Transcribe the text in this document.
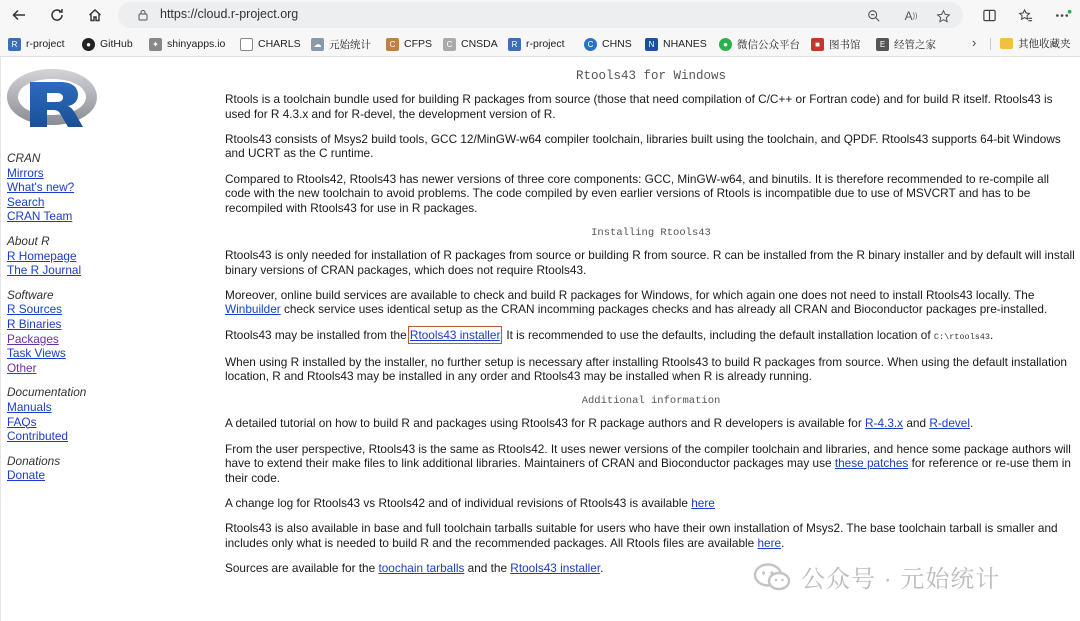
https://cloud.r-project.org	A ))
R r-project	● GitHub	✦ shinyapps.io	CHARLS	☁ 元始统计	C CFPS	C CNSDA	R r-project	C CHNS	N NHANES	● 微信公众平台	■ 图书馆	E 经管之家	›	其他收藏夹
CRAN
Mirrors
What's new?
Search
CRAN Team
About R
R Homepage
The R Journal
Software
R Sources
R Binaries
Packages
Task Views
Other
Documentation
Manuals
FAQs
Contributed
Donations
Donate
Rtools43 for Windows

Rtools is a toolchain bundle used for building R packages from source (those that need compilation of C/C++ or Fortran code) and for build R itself. Rtools43 is used for R 4.3.x and for R-devel, the development version of R.

Rtools43 consists of Msys2 build tools, GCC 12/MinGW-w64 compiler toolchain, libraries built using the toolchain, and QPDF. Rtools43 supports 64-bit Windows and UCRT as the C runtime.

Compared to Rtools42, Rtools43 has newer versions of three core components: GCC, MinGW-w64, and binutils. It is therefore recommended to re-compile all code with the new toolchain to avoid problems. The code compiled by even earlier versions of Rtools is incompatible due to use of MSVCRT and has to be recompiled with Rtools43 for use in R packages.

Installing Rtools43

Rtools43 is only needed for installation of R packages from source or building R from source. R can be installed from the R binary installer and by default will install binary versions of CRAN packages, which does not require Rtools43.

Moreover, online build services are available to check and build R packages for Windows, for which again one does not need to install Rtools43 locally. The Winbuilder check service uses identical setup as the CRAN incomming packages checks and has already all CRAN and Bioconductor packages pre-installed.

Rtools43 may be installed from the Rtools43 installer. It is recommended to use the defaults, including the default installation location of C:\rtools43.

When using R installed by the installer, no further setup is necessary after installing Rtools43 to build R packages from source. When using the default installation location, R and Rtools43 may be installed in any order and Rtools43 may be installed when R is already running.

Additional information

A detailed tutorial on how to build R and packages using Rtools43 for R package authors and R developers is available for R-4.3.x and R-devel.

From the user perspective, Rtools43 is the same as Rtools42. It uses newer versions of the compiler toolchain and libraries, and hence some package authors will have to extend their make files to link additional libraries. Maintainers of CRAN and Bioconductor packages may use these patches for reference or re-use them in their code.

A change log for Rtools43 vs Rtools42 and of individual revisions of Rtools43 is available here

Rtools43 is also available in base and full toolchain tarballs suitable for users who have their own installation of Msys2. The base toolchain tarball is smaller and includes only what is needed to build R and the recommended packages. All Rtools files are available here.

Sources are available for the toochain tarballs and the Rtools43 installer.	公众号 · 元始统计
